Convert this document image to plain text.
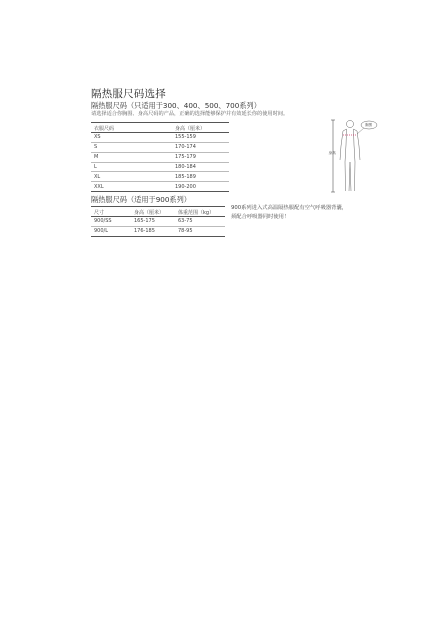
隔热服尺码选择
隔热服尺码（只适用于300、400、500、700系列）
请选择适合你胸围、身高尺码的产品，正确的选择能够保护并有效延长你的使用时间。
衣服尺码	身高（厘米）
XS	155-159
S	170-174
M	175-179
L	180-184
XL	185-189
XXL	190-200
隔热服尺码（适用于900系列）
尺寸	身高（厘米）	体重范围（kg）
900/SS	165-175	63-75
900/L	176-185	78-95
900系列进入式高温隔热服配有空气呼吸器背囊，须配合呼吸器同时使用！
身高
胸围
